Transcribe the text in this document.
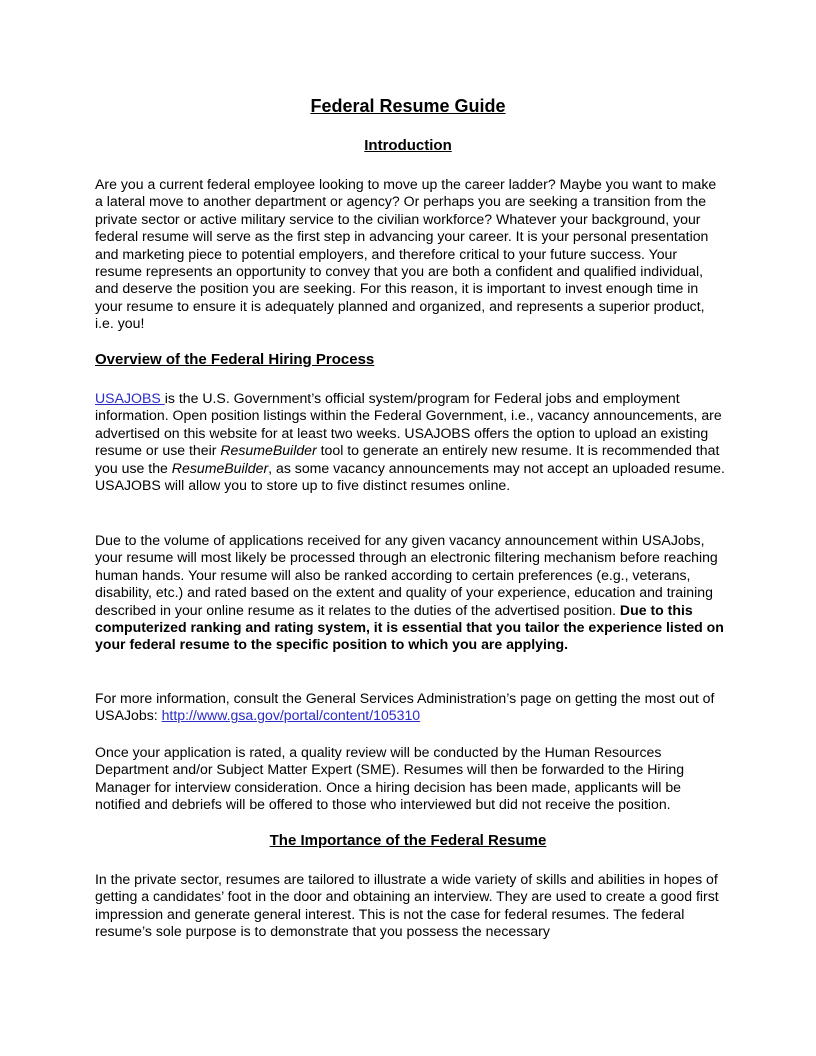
Federal Resume Guide
Introduction

Are you a current federal employee looking to move up the career ladder? Maybe you want to make a lateral move to another department or agency? Or perhaps you are seeking a transition from the private sector or active military service to the civilian workforce? Whatever your background, your federal resume will serve as the first step in advancing your career. It is your personal presentation and marketing piece to potential employers, and therefore critical to your future success. Your resume represents an opportunity to convey that you are both a confident and qualified individual, and deserve the position you are seeking. For this reason, it is important to invest enough time in your resume to ensure it is adequately planned and organized, and represents a superior product, i.e. you!

Overview of the Federal Hiring Process

USAJOBS is the U.S. Government’s official system/program for Federal jobs and employment information. Open position listings within the Federal Government, i.e., vacancy announcements, are advertised on this website for at least two weeks. USAJOBS offers the option to upload an existing resume or use their ResumeBuilder tool to generate an entirely new resume. It is recommended that you use the ResumeBuilder, as some vacancy announcements may not accept an uploaded resume. USAJOBS will allow you to store up to five distinct resumes online.

Due to the volume of applications received for any given vacancy announcement within USAJobs, your resume will most likely be processed through an electronic filtering mechanism before reaching human hands. Your resume will also be ranked according to certain preferences (e.g., veterans, disability, etc.) and rated based on the extent and quality of your experience, education and training described in your online resume as it relates to the duties of the advertised position. Due to this computerized ranking and rating system, it is essential that you tailor the experience listed on your federal resume to the specific position to which you are applying.

For more information, consult the General Services Administration’s page on getting the most out of USAJobs: http://www.gsa.gov/portal/content/105310

Once your application is rated, a quality review will be conducted by the Human Resources Department and/or Subject Matter Expert (SME). Resumes will then be forwarded to the Hiring Manager for interview consideration. Once a hiring decision has been made, applicants will be notified and debriefs will be offered to those who interviewed but did not receive the position.

The Importance of the Federal Resume

In the private sector, resumes are tailored to illustrate a wide variety of skills and abilities in hopes of getting a candidates’ foot in the door and obtaining an interview. They are used to create a good first impression and generate general interest. This is not the case for federal resumes. The federal resume’s sole purpose is to demonstrate that you possess the necessary
